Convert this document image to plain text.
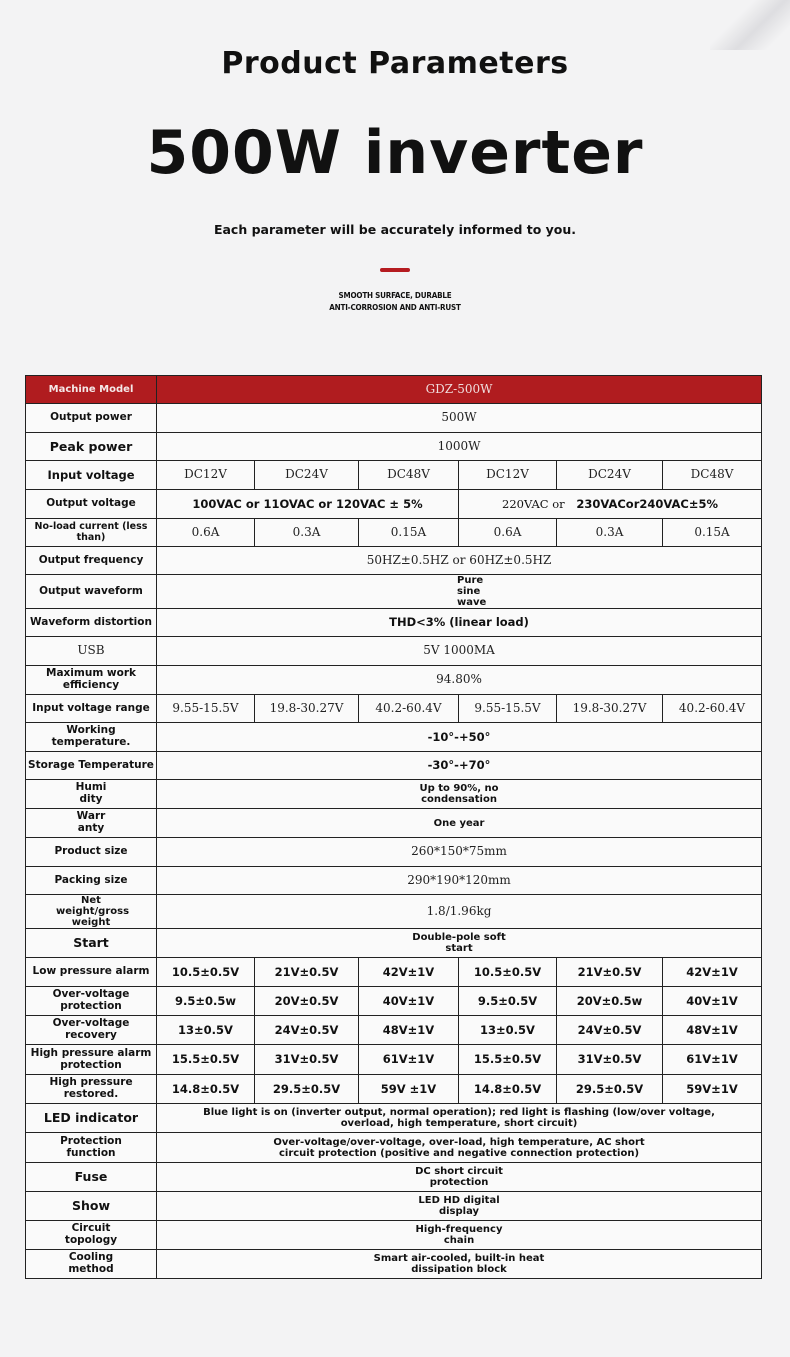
Product Parameters
500W inverter
Each parameter will be accurately informed to you.
SMOOTH SURFACE, DURABLE
ANTI-CORROSION AND ANTI-RUST
Machine Model	GDZ-500W					
Output power	500W					
Peak power	1000W					
Input voltage	DC12V	DC24V	DC48V	DC12V	DC24V	DC48V
Output voltage	100VAC or 11OVAC or 120VAC ± 5%			220VAC or 230VACor240VAC±5%		
No-load current (less than)	0.6A	0.3A	0.15A	0.6A	0.3A	0.15A
Output frequency	50HZ±0.5HZ or 60HZ±0.5HZ					
Output waveform	Pure sine wave					
Waveform distortion	THD<3% (linear load)					
USB	5V 1000MA					
Maximum work efficiency	94.80%					
Input voltage range	9.55-15.5V	19.8-30.27V	40.2-60.4V	9.55-15.5V	19.8-30.27V	40.2-60.4V
Working temperature.	-10°-+50°					
Storage Temperature	-30°-+70°					
Humi dity	Up to 90%, no condensation					
Warr anty	One year					
Product size	260*150*75mm					
Packing size	290*190*120mm					
Net weight/gross weight	1.8/1.96kg					
Start	Double-pole soft start					
Low pressure alarm	10.5±0.5V	21V±0.5V	42V±1V	10.5±0.5V	21V±0.5V	42V±1V
Over-voltage protection	9.5±0.5w	20V±0.5V	40V±1V	9.5±0.5V	20V±0.5w	40V±1V
Over-voltage recovery	13±0.5V	24V±0.5V	48V±1V	13±0.5V	24V±0.5V	48V±1V
High pressure alarm protection	15.5±0.5V	31V±0.5V	61V±1V	15.5±0.5V	31V±0.5V	61V±1V
High pressure restored.	14.8±0.5V	29.5±0.5V	59V ±1V	14.8±0.5V	29.5±0.5V	59V±1V
LED indicator	Blue light is on (inverter output, normal operation); red light is flashing (low/over voltage, overload, high temperature, short circuit)					
Protection function	Over-voltage/over-voltage, over-load, high temperature, AC short circuit protection (positive and negative connection protection)					
Fuse	DC short circuit protection					
Show	LED HD digital display					
Circuit topology	High-frequency chain					
Cooling method	Smart air-cooled, built-in heat dissipation block					
